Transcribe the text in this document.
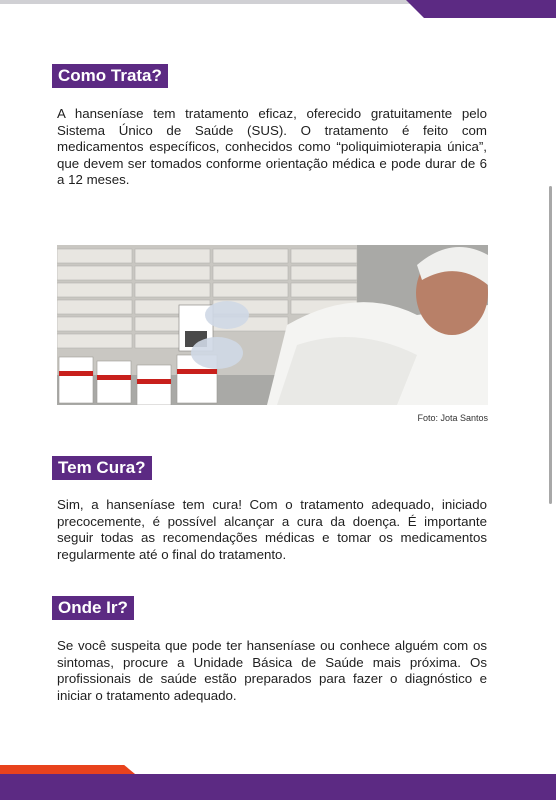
Como Trata?

A hanseníase tem tratamento eficaz, oferecido gratuitamente pelo Sistema Único de Saúde (SUS). O tratamento é feito com medicamentos específicos, conhecidos como “poliquimioterapia única”, que devem ser tomados conforme orientação médica e pode durar de 6 a 12 meses.

Foto: Jota Santos
Tem Cura?

Sim, a hanseníase tem cura! Com o tratamento adequado, iniciado precocemente, é possível alcançar a cura da doença. É importante seguir todas as recomendações médicas e tomar os medicamentos regularmente até o final do tratamento.

Onde Ir?

Se você suspeita que pode ter hanseníase ou conhece alguém com os sintomas, procure a Unidade Básica de Saúde mais próxima. Os profissionais de saúde estão preparados para fazer o diagnóstico e iniciar o tratamento adequado.
